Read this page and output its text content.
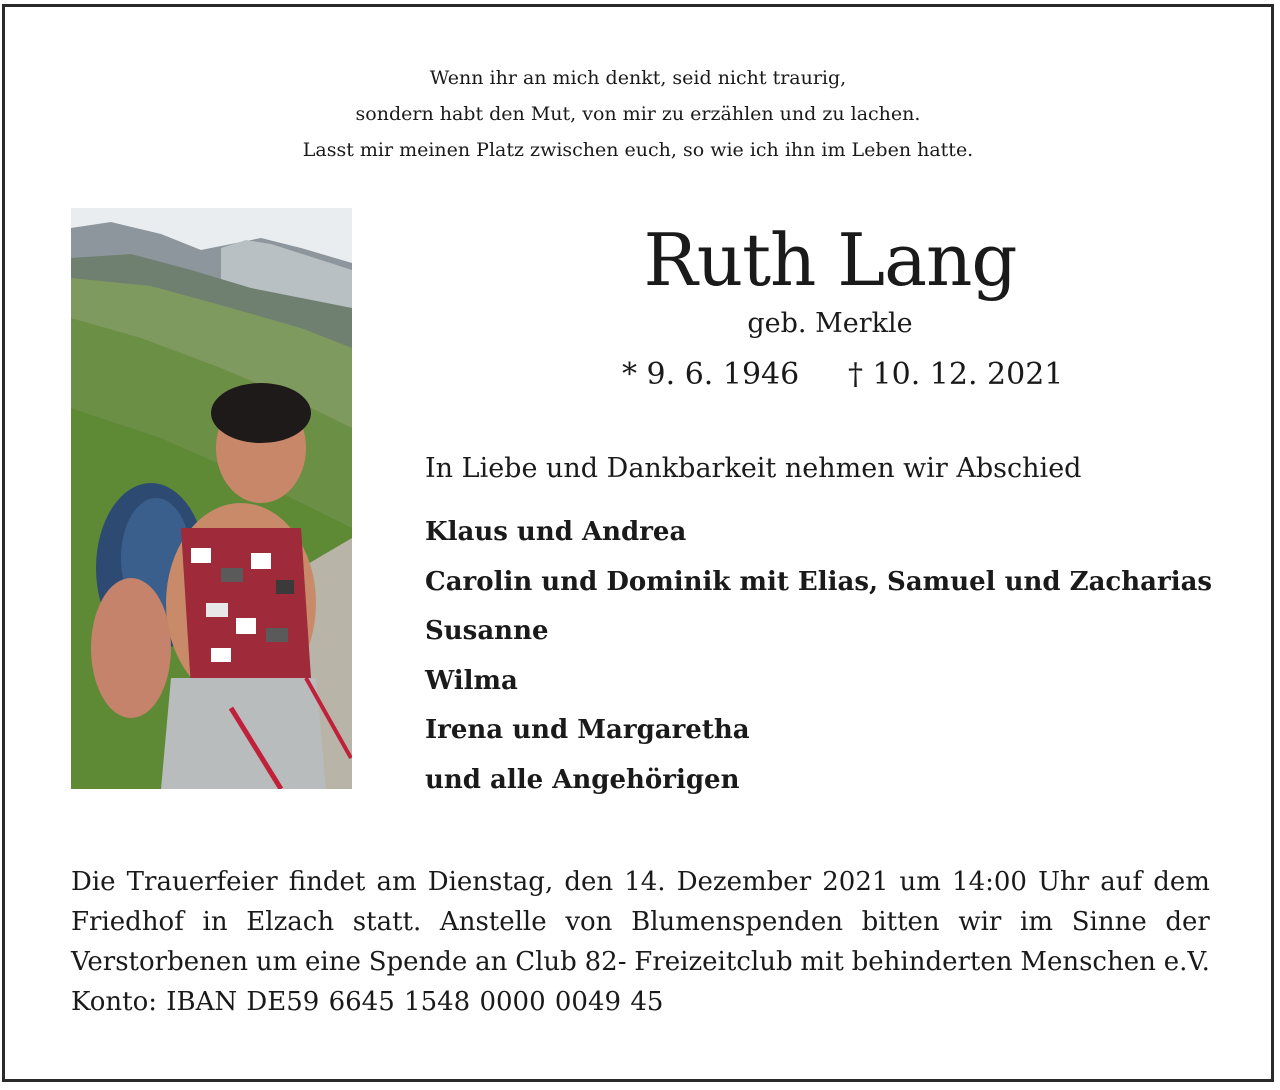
Wenn ihr an mich denkt, seid nicht traurig,
sondern habt den Mut, von mir zu erzählen und zu lachen.
Lasst mir meinen Platz zwischen euch, so wie ich ihn im Leben hatte.
Ruth Lang
geb. Merkle
* 9. 6. 1946 † 10. 12. 2021
In Liebe und Dankbarkeit nehmen wir Abschied
Klaus und Andrea
Carolin und Dominik mit Elias, Samuel und Zacharias
Susanne
Wilma
Irena und Margaretha
und alle Angehörigen
Die Trauerfeier findet am Dienstag, den 14. Dezember 2021 um 14:00 Uhr auf dem
Friedhof in Elzach statt. Anstelle von Blumenspenden bitten wir im Sinne der
Verstorbenen um eine Spende an Club 82- Freizeitclub mit behinderten Menschen e.V.
Konto: IBAN DE59 6645 1548 0000 0049 45
